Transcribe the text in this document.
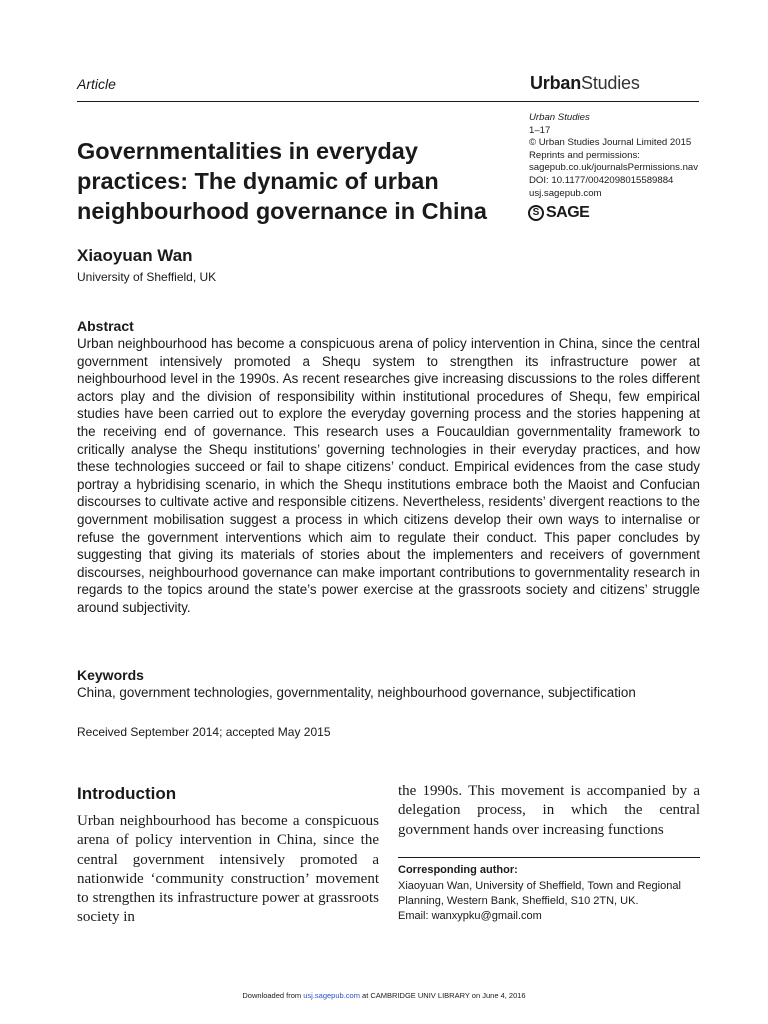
Article	UrbanStudies
Governmentalities in everyday practices: The dynamic of urban neighbourhood governance in China
Urban Studies
1–17
© Urban Studies Journal Limited 2015
Reprints and permissions:
sagepub.co.uk/journalsPermissions.nav
DOI: 10.1177/0042098015589884
usj.sagepub.com
S SAGE
Xiaoyuan Wan
University of Sheffield, UK
Abstract

Urban neighbourhood has become a conspicuous arena of policy intervention in China, since the central government intensively promoted a Shequ system to strengthen its infrastructure power at neighbourhood level in the 1990s. As recent researches give increasing discussions to the roles different actors play and the division of responsibility within institutional procedures of Shequ, few empirical studies have been carried out to explore the everyday governing process and the stories happening at the receiving end of governance. This research uses a Foucauldian governmentality framework to critically analyse the Shequ institutions’ governing technologies in their everyday practices, and how these technologies succeed or fail to shape citizens’ conduct. Empirical evidences from the case study portray a hybridising scenario, in which the Shequ institutions embrace both the Maoist and Confucian discourses to cultivate active and responsible citizens. Nevertheless, residents’ divergent reactions to the government mobilisation suggest a process in which citizens develop their own ways to internalise or refuse the government interventions which aim to regulate their conduct. This paper concludes by suggesting that giving its materials of stories about the implementers and receivers of government discourses, neighbourhood governance can make important contributions to governmentality research in regards to the topics around the state’s power exercise at the grassroots society and citizens’ struggle around subjectivity.

Keywords
China, government technologies, governmentality, neighbourhood governance, subjectification
Received September 2014; accepted May 2015
Introduction

Urban neighbourhood has become a conspicuous arena of policy intervention in China, since the central government intensively promoted a nationwide ‘community construction’ movement to strengthen its infrastructure power at grassroots society in

the 1990s. This movement is accompanied by a delegation process, in which the central government hands over increasing functions

Corresponding author:
Xiaoyuan Wan, University of Sheffield, Town and Regional
Planning, Western Bank, Sheffield, S10 2TN, UK.
Email: wanxypku@gmail.com
Downloaded from usj.sagepub.com at CAMBRIDGE UNIV LIBRARY on June 4, 2016
